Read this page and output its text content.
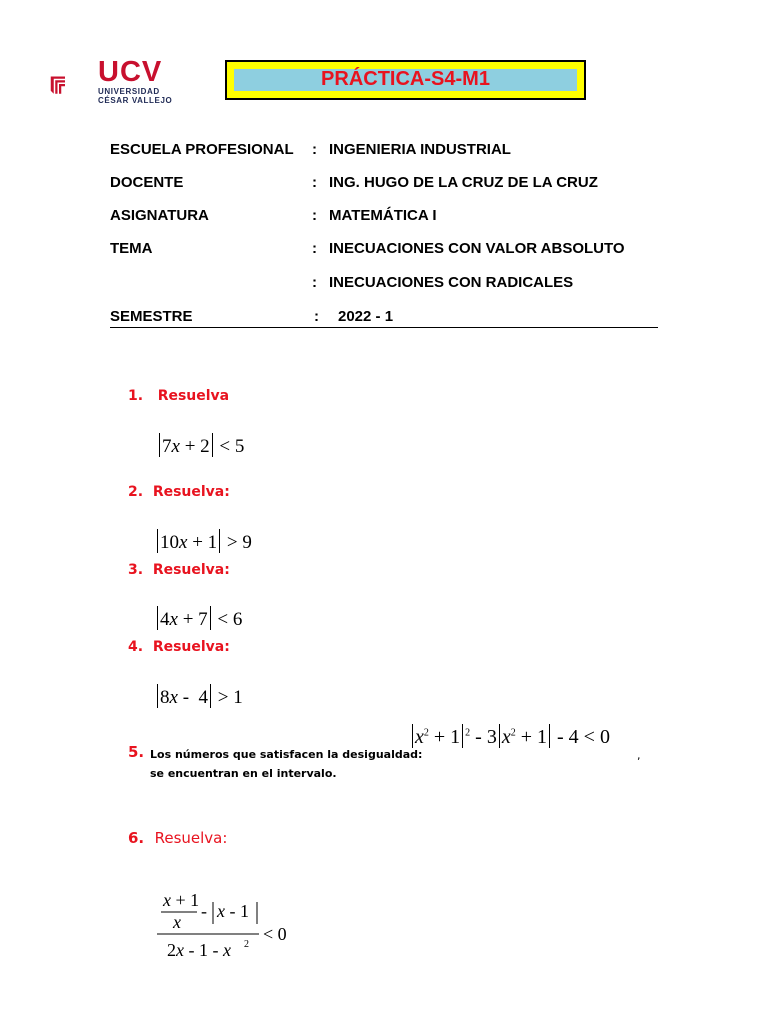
UCV
UNIVERSIDAD
CÉSAR VALLEJO
PRÁCTICA-S4-M1
ESCUELA PROFESIONAL : INGENIERIA INDUSTRIAL
DOCENTE	: ING. HUGO DE LA CRUZ DE LA CRUZ
ASIGNATURA	: MATEMÁTICA I
TEMA	: INECUACIONES CON VALOR ABSOLUTO
: INECUACIONES CON RADICALES
SEMESTRE	: 2022 - 1
1. Resuelva
7x + 2 < 5
2. Resuelva:
10x + 1 > 9
3. Resuelva:
4x + 7 < 6
4. Resuelva:
8x -  4 > 1
5. Los números que satisfacen la desigualdad:
$x^2 + 1$ $^2$ - 3 $x^2 + 1 - 4 < 0$
,
se encuentran en el intervalo.
6. Resuelva:
x + 1
x
- x - 1
2x - 1 - x 2
< 0
